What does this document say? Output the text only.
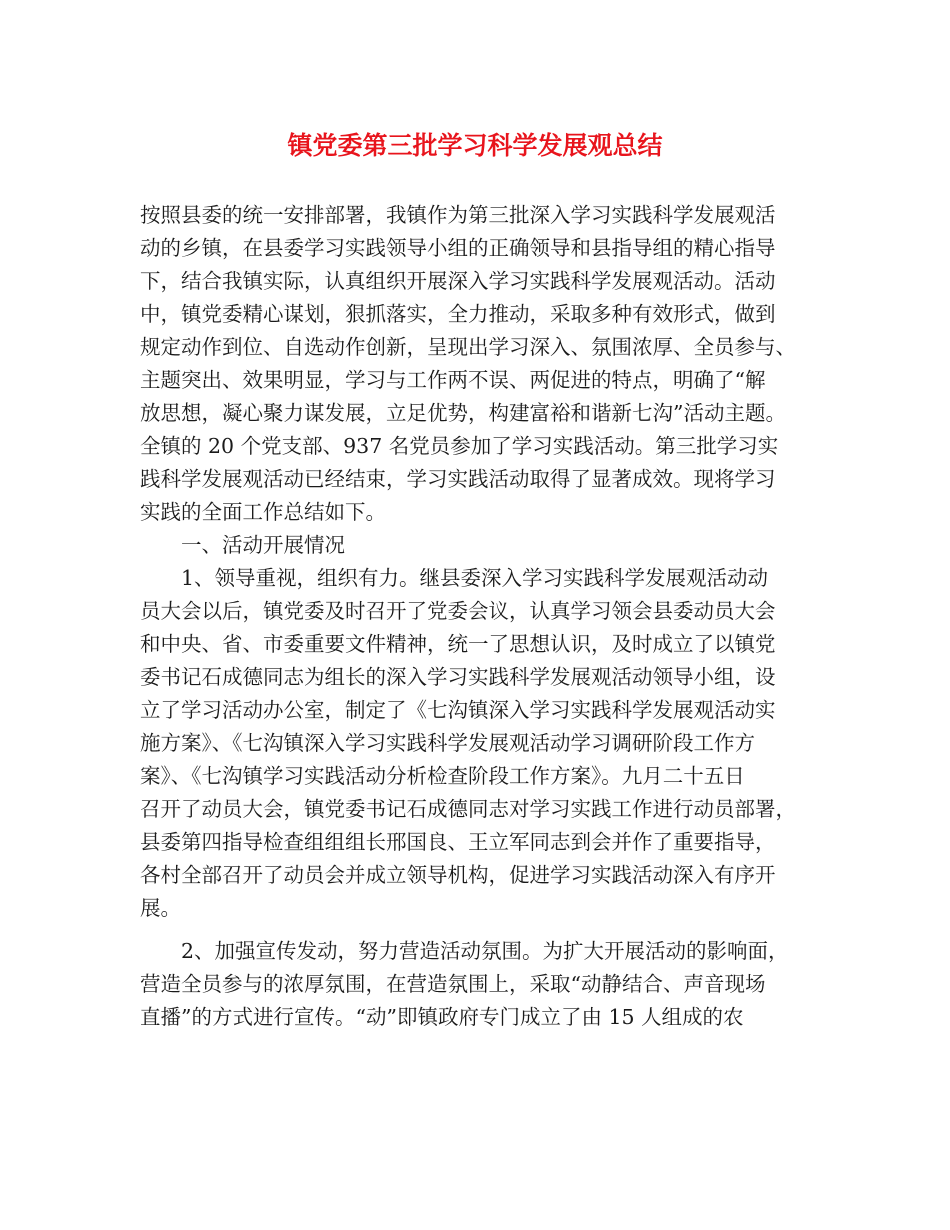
镇党委第三批学习科学发展观总结
按照县委的统一安排部署，我镇作为第三批深入学习实践科学发展观活
动的乡镇，在县委学习实践领导小组的正确领导和县指导组的精心指导
下，结合我镇实际，认真组织开展深入学习实践科学发展观活动。活动
中，镇党委精心谋划，狠抓落实，全力推动，采取多种有效形式，做到
规定动作到位、自选动作创新，呈现出学习深入、氛围浓厚、全员参与、
主题突出、效果明显，学习与工作两不误、两促进的特点，明确了“解
放思想，凝心聚力谋发展，立足优势，构建富裕和谐新七沟”活动主题。
全镇的 20 个党支部、937 名党员参加了学习实践活动。第三批学习实
践科学发展观活动已经结束，学习实践活动取得了显著成效。现将学习
实践的全面工作总结如下。
一、活动开展情况
1、领导重视，组织有力。继县委深入学习实践科学发展观活动动
员大会以后，镇党委及时召开了党委会议，认真学习领会县委动员大会
和中央、省、市委重要文件精神，统一了思想认识，及时成立了以镇党
委书记石成德同志为组长的深入学习实践科学发展观活动领导小组，设
立了学习活动办公室，制定了《七沟镇深入学习实践科学发展观活动实
施方案》、《七沟镇深入学习实践科学发展观活动学习调研阶段工作方
案》、《七沟镇学习实践活动分析检查阶段工作方案》。九月二十五日
召开了动员大会，镇党委书记石成德同志对学习实践工作进行动员部署，
县委第四指导检查组组组长邢国良、王立军同志到会并作了重要指导，
各村全部召开了动员会并成立领导机构，促进学习实践活动深入有序开
展。
2、加强宣传发动，努力营造活动氛围。为扩大开展活动的影响面，
营造全员参与的浓厚氛围，在营造氛围上，采取“动静结合、声音现场
直播”的方式进行宣传。“动”即镇政府专门成立了由 15 人组成的农
